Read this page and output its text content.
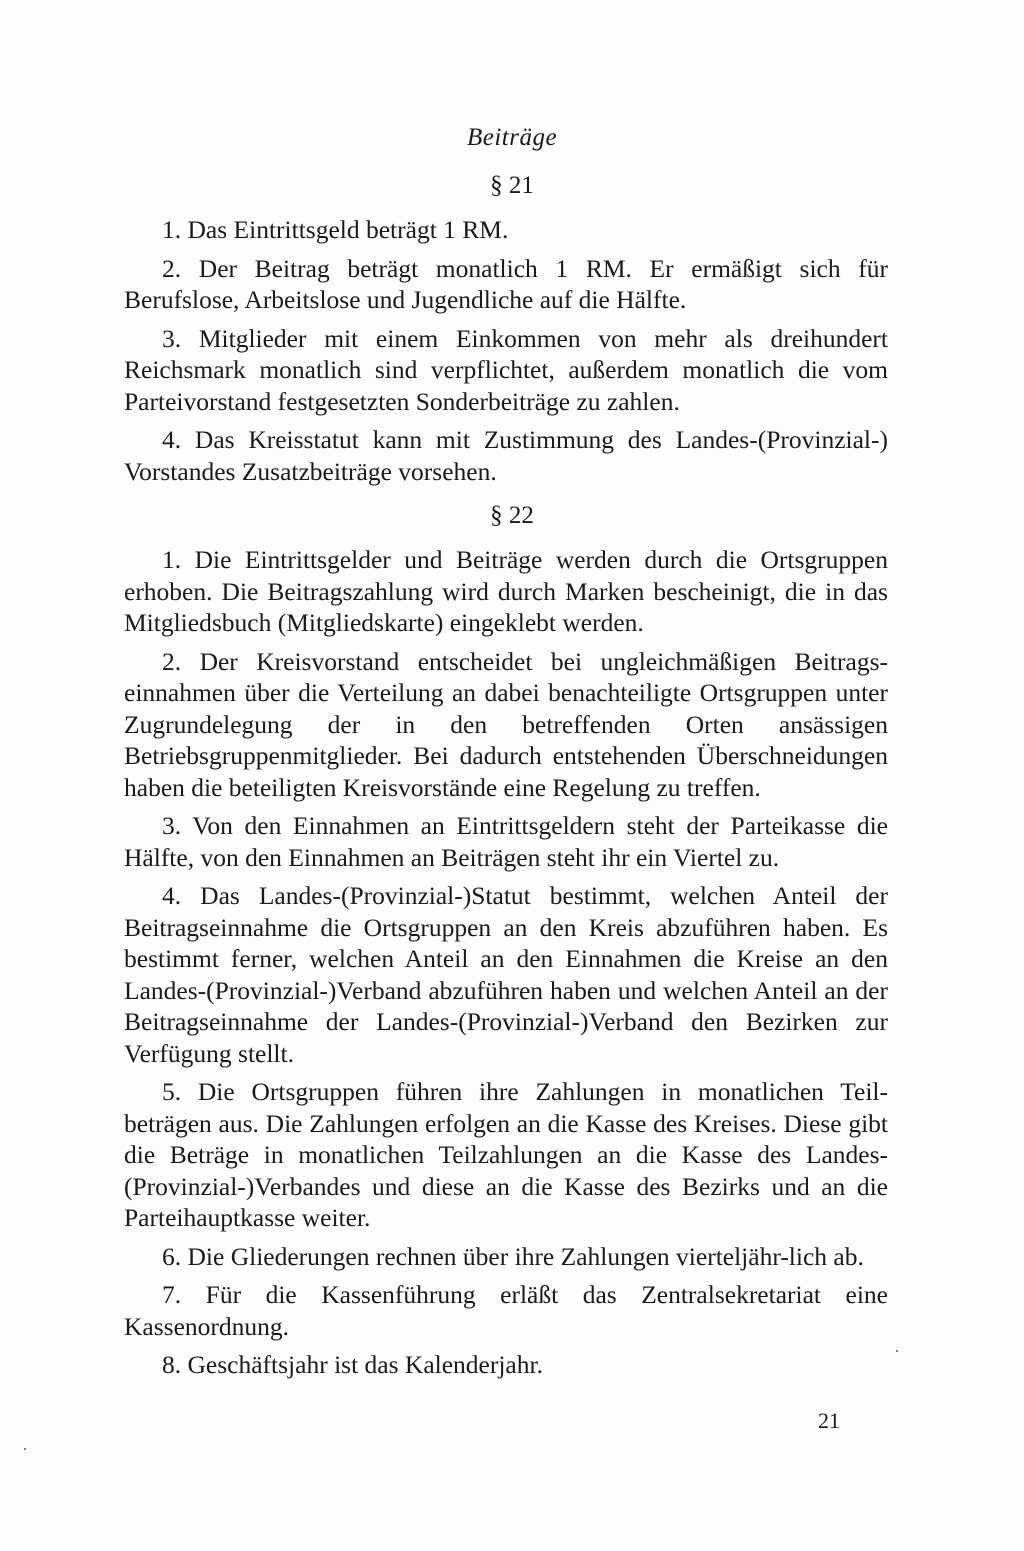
Beiträge
§ 21

1. Das Eintrittsgeld beträgt 1 RM.

2. Der Beitrag beträgt monatlich 1 RM. Er ermäßigt sich für Berufslose, Arbeitslose und Jugendliche auf die Hälfte.

3. Mitglieder mit einem Einkommen von mehr als dreihundert Reichsmark monatlich sind verpflichtet, außerdem monatlich die vom Parteivorstand festgesetzten Sonderbeiträge zu zahlen.

4. Das Kreisstatut kann mit Zustimmung des Landes-(Provinzial-) Vorstandes Zusatzbeiträge vorsehen.

§ 22

1. Die Eintrittsgelder und Beiträge werden durch die Ortsgruppen erhoben. Die Beitragszahlung wird durch Marken bescheinigt, die in das Mitgliedsbuch (Mitgliedskarte) eingeklebt werden.

2. Der Kreisvorstand entscheidet bei ungleichmäßigen Beitrags-einnahmen über die Verteilung an dabei benachteiligte Ortsgruppen unter Zugrundelegung der in den betreffenden Orten ansässigen Betriebsgruppenmitglieder. Bei dadurch entstehenden Überschneidungen haben die beteiligten Kreisvorstände eine Regelung zu treffen.

3. Von den Einnahmen an Eintrittsgeldern steht der Parteikasse die Hälfte, von den Einnahmen an Beiträgen steht ihr ein Viertel zu.

4. Das Landes-(Provinzial-)Statut bestimmt, welchen Anteil der Beitragseinnahme die Ortsgruppen an den Kreis abzuführen haben. Es bestimmt ferner, welchen Anteil an den Einnahmen die Kreise an den Landes-(Provinzial-)Verband abzuführen haben und welchen Anteil an der Beitragseinnahme der Landes-(Provinzial-)Verband den Bezirken zur Verfügung stellt.

5. Die Ortsgruppen führen ihre Zahlungen in monatlichen Teil-beträgen aus. Die Zahlungen erfolgen an die Kasse des Kreises. Diese gibt die Beträge in monatlichen Teilzahlungen an die Kasse des Landes-(Provinzial-)Verbandes und diese an die Kasse des Bezirks und an die Parteihauptkasse weiter.

6. Die Gliederungen rechnen über ihre Zahlungen vierteljähr-lich ab.

7. Für die Kassenführung erläßt das Zentralsekretariat eine Kassenordnung.

8. Geschäftsjahr ist das Kalenderjahr.

21
